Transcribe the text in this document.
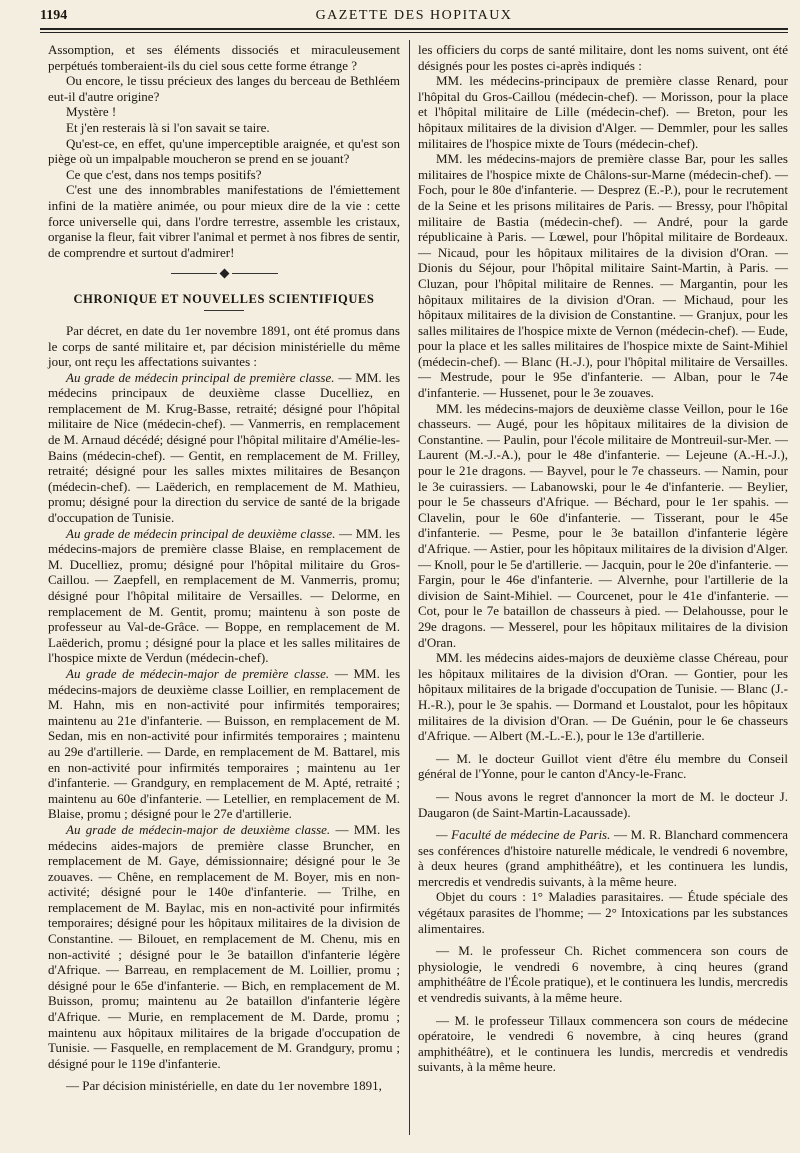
1194	GAZETTE DES HOPITAUX

Assomption, et ses éléments dissociés et miraculeusement perpétués tomberaient-ils du ciel sous cette forme étrange ?

Ou encore, le tissu précieux des langes du berceau de Bethléem eut-il d'autre origine?

Mystère !

Et j'en resterais là si l'on savait se taire.

Qu'est-ce, en effet, qu'une imperceptible araignée, et qu'est son piège où un impalpable moucheron se prend en se jouant?

Ce que c'est, dans nos temps positifs?

C'est une des innombrables manifestations de l'émiettement infini de la matière animée, ou pour mieux dire de la vie : cette force universelle qui, dans l'ordre terrestre, assemble les cristaux, organise la fleur, fait vibrer l'animal et permet à nos fibres de sentir, de comprendre et surtout d'admirer!

CHRONIQUE ET NOUVELLES SCIENTIFIQUES

Par décret, en date du 1er novembre 1891, ont été promus dans le corps de santé militaire et, par décision ministérielle du même jour, ont reçu les affectations suivantes :

Au grade de médecin principal de première classe. — MM. les médecins principaux de deuxième classe Ducelliez, en remplacement de M. Krug-Basse, retraité; désigné pour l'hôpital militaire de Nice (médecin-chef). — Vanmerris, en remplacement de M. Arnaud décédé; désigné pour l'hôpital militaire d'Amélie-les-Bains (médecin-chef). — Gentit, en remplacement de M. Frilley, retraité; désigné pour les salles mixtes militaires de Besançon (médecin-chef). — Laëderich, en remplacement de M. Mathieu, promu; désigné pour la direction du service de santé de la brigade d'occupation de Tunisie.

Au grade de médecin principal de deuxième classe. — MM. les médecins-majors de première classe Blaise, en remplacement de M. Ducelliez, promu; désigné pour l'hôpital militaire du Gros-Caillou. — Zaepfell, en remplacement de M. Vanmerris, promu; désigné pour l'hôpital militaire de Versailles. — Delorme, en remplacement de M. Gentit, promu; maintenu à son poste de professeur au Val-de-Grâce. — Boppe, en remplacement de M. Laëderich, promu ; désigné pour la place et les salles militaires de l'hospice mixte de Verdun (médecin-chef).

Au grade de médecin-major de première classe. — MM. les médecins-majors de deuxième classe Loillier, en remplacement de M. Hahn, mis en non-activité pour infirmités temporaires; maintenu au 21e d'infanterie. — Buisson, en remplacement de M. Sedan, mis en non-activité pour infirmités temporaires ; maintenu au 29e d'artillerie. — Darde, en remplacement de M. Battarel, mis en non-activité pour infirmités temporaires ; maintenu au 1er d'infanterie. — Grandgury, en remplacement de M. Apté, retraité ; maintenu au 60e d'infanterie. — Letellier, en remplacement de M. Blaise, promu ; désigné pour le 27e d'artillerie.

Au grade de médecin-major de deuxième classe. — MM. les médecins aides-majors de première classe Bruncher, en remplacement de M. Gaye, démissionnaire; désigné pour le 3e zouaves. — Chêne, en remplacement de M. Boyer, mis en non-activité; désigné pour le 140e d'infanterie. — Trilhe, en remplacement de M. Baylac, mis en non-activité pour infirmités temporaires; désigné pour les hôpitaux militaires de la division de Constantine. — Bilouet, en remplacement de M. Chenu, mis en non-activité ; désigné pour le 3e bataillon d'infanterie légère d'Afrique. — Barreau, en remplacement de M. Loillier, promu ; désigné pour le 65e d'infanterie. — Bich, en remplacement de M. Buisson, promu; maintenu au 2e bataillon d'infanterie légère d'Afrique. — Murie, en remplacement de M. Darde, promu ; maintenu aux hôpitaux militaires de la brigade d'occupation de Tunisie. — Fasquelle, en remplacement de M. Grandgury, promu ; désigné pour le 119e d'infanterie.

— Par décision ministérielle, en date du 1er novembre 1891,

les officiers du corps de santé militaire, dont les noms suivent, ont été désignés pour les postes ci-après indiqués :

MM. les médecins-principaux de première classe Renard, pour l'hôpital du Gros-Caillou (médecin-chef). — Morisson, pour la place et l'hôpital militaire de Lille (médecin-chef). — Breton, pour les hôpitaux militaires de la division d'Alger. — Demmler, pour les salles militaires de l'hospice mixte de Tours (médecin-chef).

MM. les médecins-majors de première classe Bar, pour les salles militaires de l'hospice mixte de Châlons-sur-Marne (médecin-chef). — Foch, pour le 80e d'infanterie. — Desprez (E.-P.), pour le recrutement de la Seine et les prisons militaires de Paris. — Bressy, pour l'hôpital militaire de Bastia (médecin-chef). — André, pour la garde républicaine à Paris. — Lœwel, pour l'hôpital militaire de Bordeaux. — Nicaud, pour les hôpitaux militaires de la division d'Oran. — Dionis du Séjour, pour l'hôpital militaire Saint-Martin, à Paris. — Cluzan, pour l'hôpital militaire de Rennes. — Margantin, pour les hôpitaux militaires de la division d'Oran. — Michaud, pour les hôpitaux militaires de la division de Constantine. — Granjux, pour les salles militaires de l'hospice mixte de Vernon (médecin-chef). — Eude, pour la place et les salles militaires de l'hospice mixte de Saint-Mihiel (médecin-chef). — Blanc (H.-J.), pour l'hôpital militaire de Versailles. — Mestrude, pour le 95e d'infanterie. — Alban, pour le 74e d'infanterie. — Hussenet, pour le 3e zouaves.

MM. les médecins-majors de deuxième classe Veillon, pour le 16e chasseurs. — Augé, pour les hôpitaux militaires de la division de Constantine. — Paulin, pour l'école militaire de Montreuil-sur-Mer. — Laurent (M.-J.-A.), pour le 48e d'infanterie. — Lejeune (A.-H.-J.), pour le 21e dragons. — Bayvel, pour le 7e chasseurs. — Namin, pour le 3e cuirassiers. — Labanowski, pour le 4e d'infanterie. — Beylier, pour le 5e chasseurs d'Afrique. — Béchard, pour le 1er spahis. — Clavelin, pour le 60e d'infanterie. — Tisserant, pour le 45e d'infanterie. — Pesme, pour le 3e bataillon d'infanterie légère d'Afrique. — Astier, pour les hôpitaux militaires de la division d'Alger. — Knoll, pour le 5e d'artillerie. — Jacquin, pour le 20e d'infanterie. — Fargin, pour le 46e d'infanterie. — Alvernhe, pour l'artillerie de la division de Saint-Mihiel. — Courcenet, pour le 41e d'infanterie. — Cot, pour le 7e bataillon de chasseurs à pied. — Delahousse, pour le 29e dragons. — Messerel, pour les hôpitaux militaires de la division d'Oran.

MM. les médecins aides-majors de deuxième classe Chéreau, pour les hôpitaux militaires de la division d'Oran. — Gontier, pour les hôpitaux militaires de la brigade d'occupation de Tunisie. — Blanc (J.-H.-R.), pour le 3e spahis. — Dormand et Loustalot, pour les hôpitaux militaires de la division d'Oran. — De Guénin, pour le 6e chasseurs d'Afrique. — Albert (M.-L.-E.), pour le 13e d'artillerie.

— M. le docteur Guillot vient d'être élu membre du Conseil général de l'Yonne, pour le canton d'Ancy-le-Franc.

— Nous avons le regret d'annoncer la mort de M. le docteur J. Daugaron (de Saint-Martin-Lacaussade).

— Faculté de médecine de Paris. — M. R. Blanchard commencera ses conférences d'histoire naturelle médicale, le vendredi 6 novembre, à deux heures (grand amphithéâtre), et les continuera les lundis, mercredis et vendredis suivants, à la même heure.

Objet du cours : 1° Maladies parasitaires. — Étude spéciale des végétaux parasites de l'homme; — 2° Intoxications par les substances alimentaires.

— M. le professeur Ch. Richet commencera son cours de physiologie, le vendredi 6 novembre, à cinq heures (grand amphithéâtre de l'École pratique), et le continuera les lundis, mercredis et vendredis suivants, à la même heure.

— M. le professeur Tillaux commencera son cours de médecine opératoire, le vendredi 6 novembre, à cinq heures (grand amphithéâtre), et le continuera les lundis, mercredis et vendredis suivants, à la même heure.
